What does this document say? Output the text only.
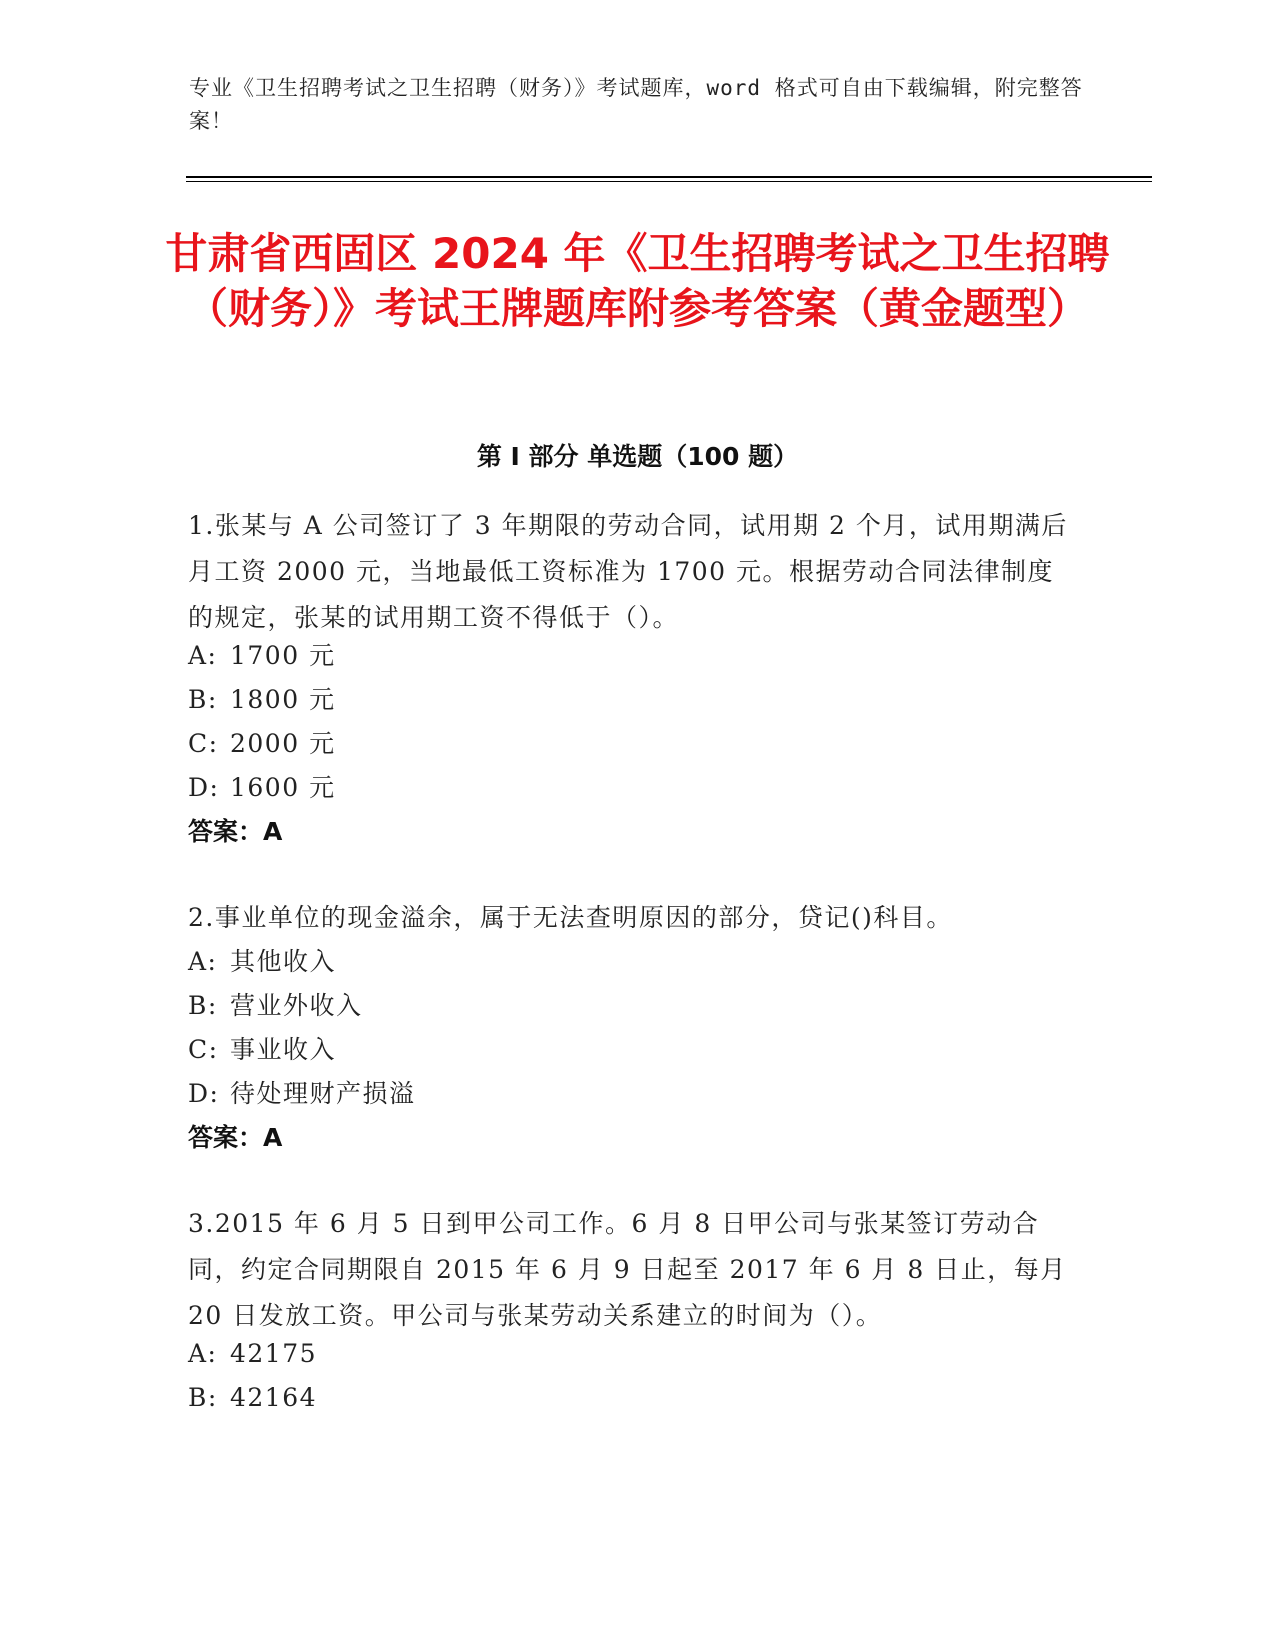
专业《卫生招聘考试之卫生招聘（财务）》考试题库，word 格式可自由下载编辑，附完整答案！
甘肃省西固区 2024 年《卫生招聘考试之卫生招聘（财务）》考试王牌题库附参考答案（黄金题型）
第 I 部分 单选题（100 题）
1.张某与 A 公司签订了 3 年期限的劳动合同，试用期 2 个月，试用期满后月工资 2000 元，当地最低工资标准为 1700 元。根据劳动合同法律制度的规定，张某的试用期工资不得低于（）。
A: 1700 元
B: 1800 元
C: 2000 元
D: 1600 元
答案：A
2.事业单位的现金溢余，属于无法查明原因的部分，贷记()科目。
A: 其他收入
B: 营业外收入
C: 事业收入
D: 待处理财产损溢
答案：A
3.2015 年 6 月 5 日到甲公司工作。6 月 8 日甲公司与张某签订劳动合同，约定合同期限自 2015 年 6 月 9 日起至 2017 年 6 月 8 日止，每月 20 日发放工资。甲公司与张某劳动关系建立的时间为（）。
A: 42175
B: 42164
